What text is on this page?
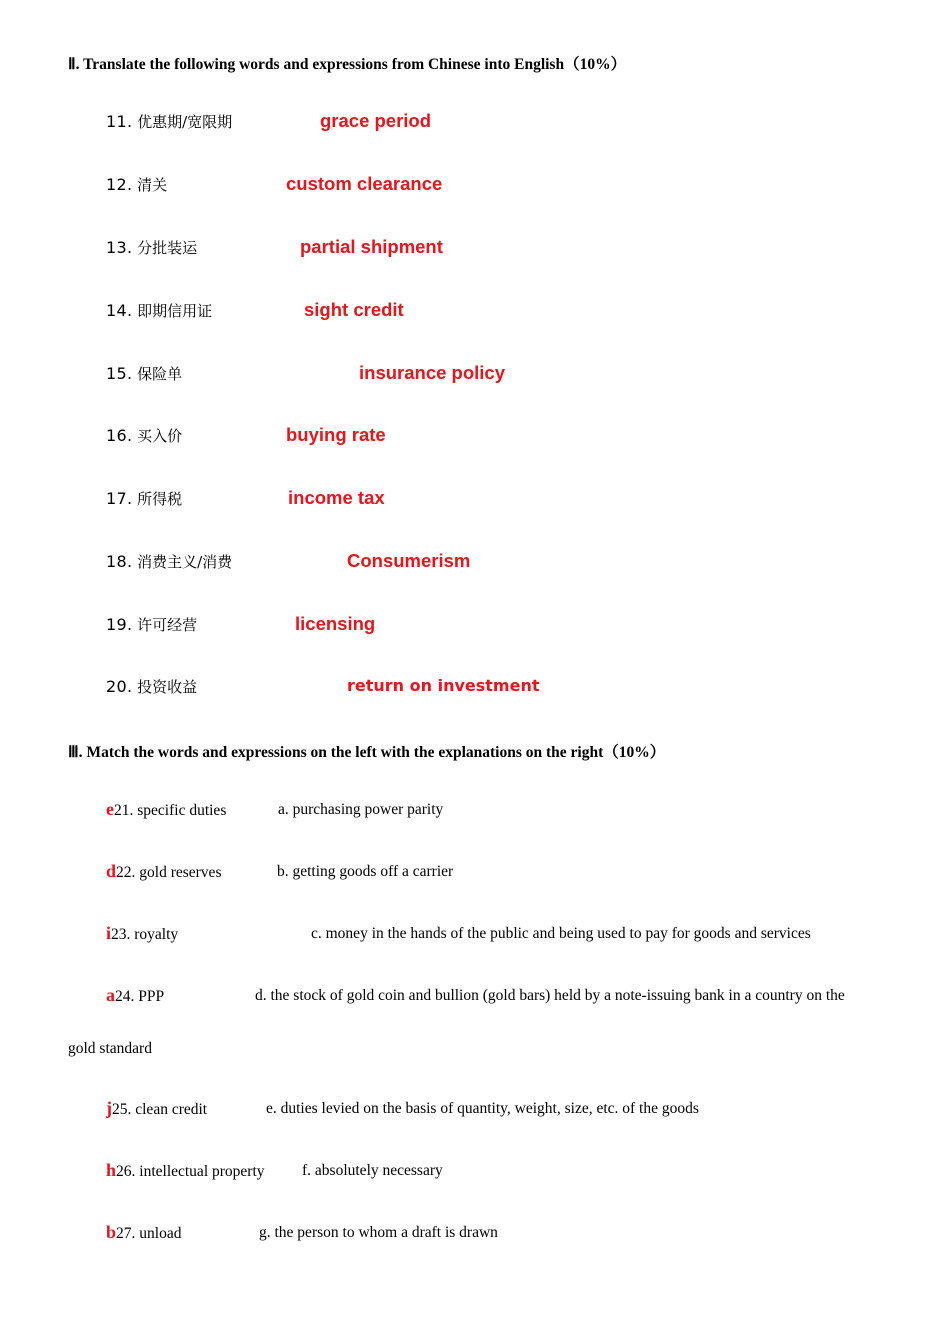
Ⅱ. Translate the following words and expressions from Chinese into English（10%）
11. 优惠期/宽限期	grace period
12. 清关	custom clearance
13. 分批装运	partial shipment
14. 即期信用证	sight credit
15. 保险单	insurance policy
16. 买入价	buying rate
17. 所得税	income tax
18. 消费主义/消费	Consumerism
19. 许可经营	licensing
20. 投资收益	return on investment
Ⅲ. Match the words and expressions on the left with the explanations on the right（10%）
e21. specific duties	a. purchasing power parity
d22. gold reserves	b. getting goods off a carrier
i23. royalty	c. money in the hands of the public and being used to pay for goods and services
a24. PPP	d. the stock of gold coin and bullion (gold bars) held by a note-issuing bank in a country on the
gold standard
j25. clean credit	e. duties levied on the basis of quantity, weight, size, etc. of the goods
h26. intellectual property f. absolutely necessary
b27. unload	g. the person to whom a draft is drawn
